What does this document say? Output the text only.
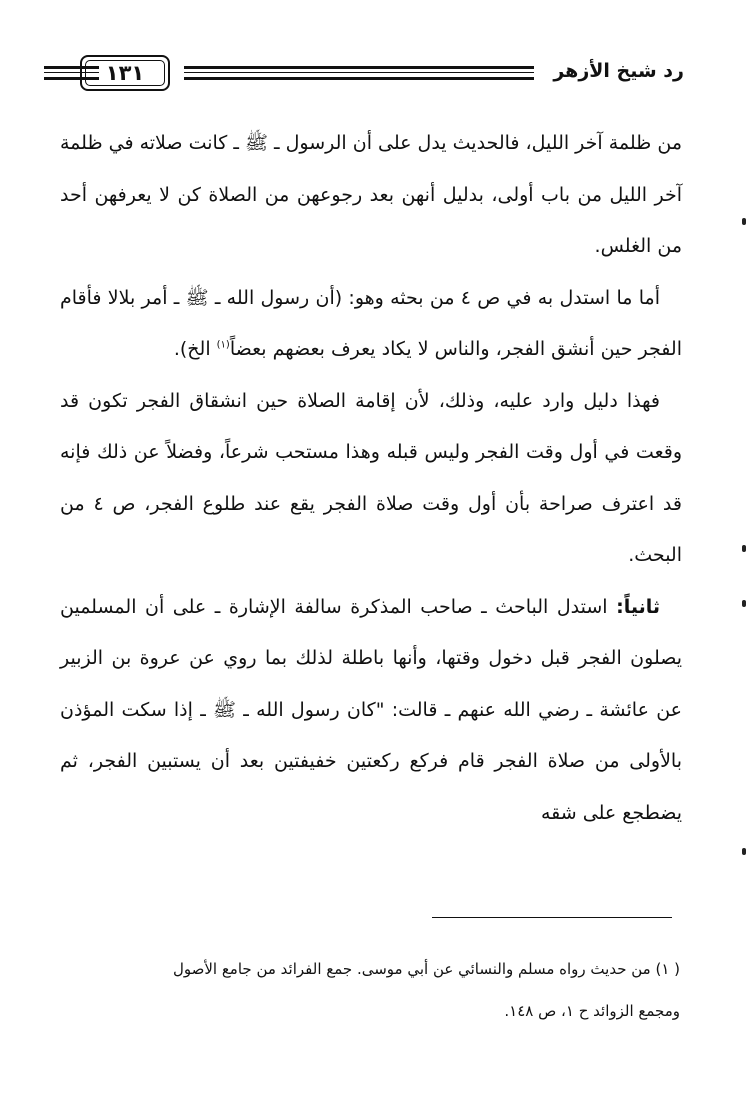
رد شيخ الأزهر
١٣١

من ظلمة آخر الليل، فالحديث يدل على أن الرسول ـ ﷺ ـ كانت صلاته في ظلمة آخر الليل من باب أولى، بدليل أنهن بعد رجوعهن من الصلاة كن لا يعرفهن أحد من الغلس.

أما ما استدل به في ص ٤ من بحثه وهو: (أن رسول الله ـ ﷺ ـ أمر بلالا فأقام الفجر حين أنشق الفجر، والناس لا يكاد يعرف بعضهم بعضاً$^{(١)}$ الخ).

فهذا دليل وارد عليه، وذلك، لأن إقامة الصلاة حين انشقاق الفجر تكون قد وقعت في أول وقت الفجر وليس قبله وهذا مستحب شرعاً، وفضلاً عن ذلك فإنه قد اعترف صراحة بأن أول وقت صلاة الفجر يقع عند طلوع الفجر، ص ٤ من البحث.

ثانياً: استدل الباحث ـ صاحب المذكرة سالفة الإشارة ـ على أن المسلمين يصلون الفجر قبل دخول وقتها، وأنها باطلة لذلك بما روي عن عروة بن الزبير عن عائشة ـ رضي الله عنهم ـ قالت: "كان رسول الله ـ ﷺ ـ إذا سكت المؤذن بالأولى من صلاة الفجر قام فركع ركعتين خفيفتين بعد أن يستبين الفجر، ثم يضطجع على شقه

( ١) من حديث رواه مسلم والنسائي عن أبي موسى. جمع الفرائد من جامع الأصول

ومجمع الزوائد ح ١، ص ١٤٨.
